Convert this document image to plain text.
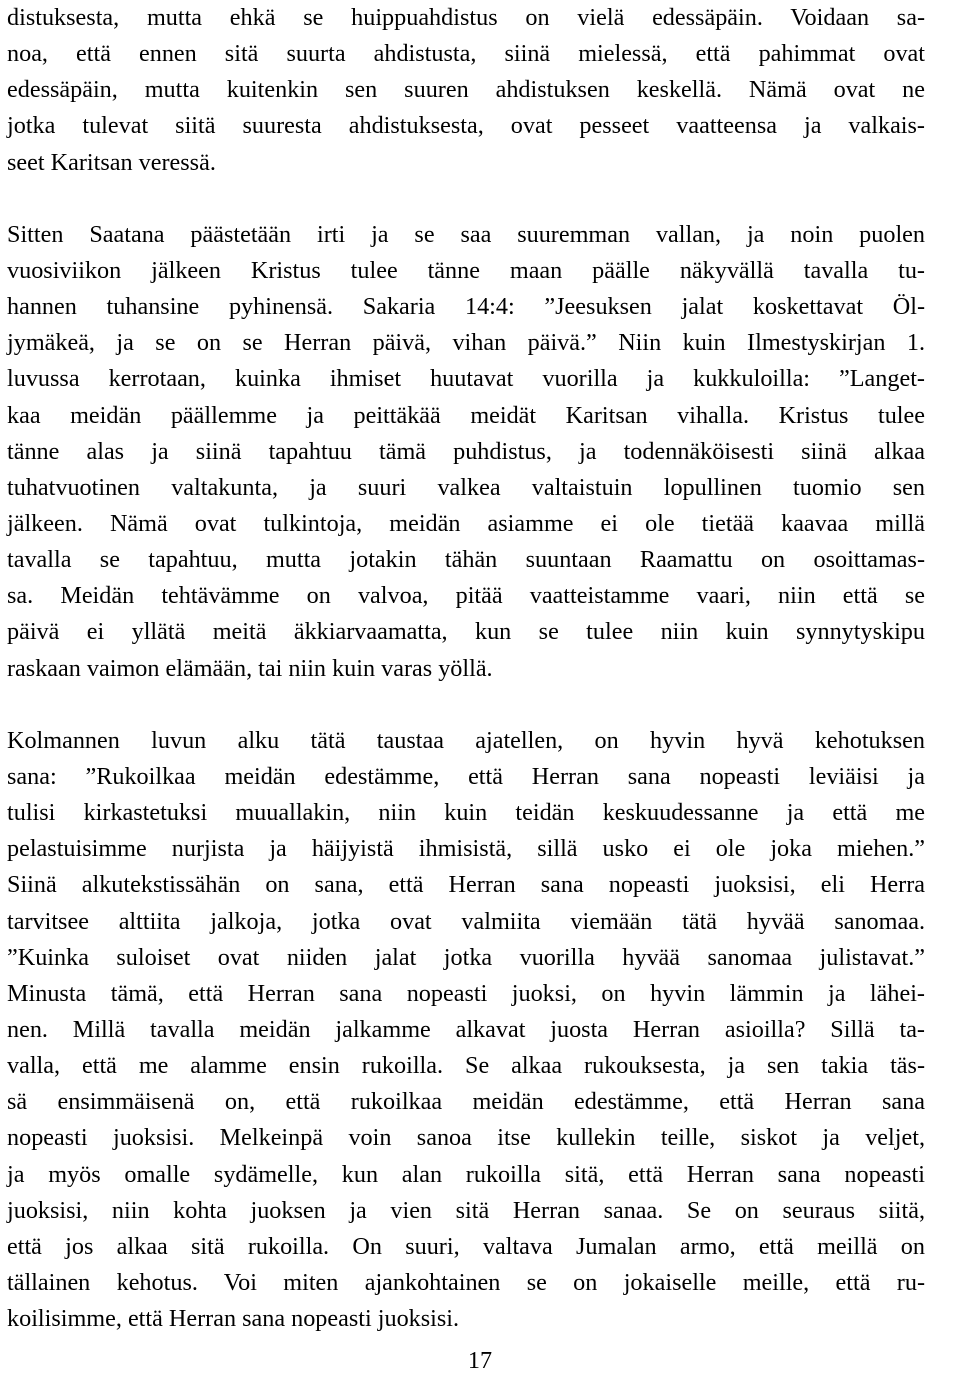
distuksesta, mutta ehkä se huippuahdistus on vielä edessäpäin. Voidaan sa-
noa, että ennen sitä suurta ahdistusta, siinä mielessä, että pahimmat ovat
edessäpäin, mutta kuitenkin sen suuren ahdistuksen keskellä. Nämä ovat ne
jotka tulevat siitä suuresta ahdistuksesta, ovat pesseet vaatteensa ja valkais-
seet Karitsan veressä.
Sitten Saatana päästetään irti ja se saa suuremman vallan, ja noin puolen
vuosiviikon jälkeen Kristus tulee tänne maan päälle näkyvällä tavalla tu-
hannen tuhansine pyhinensä. Sakaria 14:4: ”Jeesuksen jalat koskettavat Öl-
jymäkeä, ja se on se Herran päivä, vihan päivä.” Niin kuin Ilmestyskirjan 1.
luvussa kerrotaan, kuinka ihmiset huutavat vuorilla ja kukkuloilla: ”Langet-
kaa meidän päällemme ja peittäkää meidät Karitsan vihalla. Kristus tulee
tänne alas ja siinä tapahtuu tämä puhdistus, ja todennäköisesti siinä alkaa
tuhatvuotinen valtakunta, ja suuri valkea valtaistuin lopullinen tuomio sen
jälkeen. Nämä ovat tulkintoja, meidän asiamme ei ole tietää kaavaa millä
tavalla se tapahtuu, mutta jotakin tähän suuntaan Raamattu on osoittamas-
sa. Meidän tehtävämme on valvoa, pitää vaatteistamme vaari, niin että se
päivä ei yllätä meitä äkkiarvaamatta, kun se tulee niin kuin synnytyskipu
raskaan vaimon elämään, tai niin kuin varas yöllä.
Kolmannen luvun alku tätä taustaa ajatellen, on hyvin hyvä kehotuksen
sana: ”Rukoilkaa meidän edestämme, että Herran sana nopeasti leviäisi ja
tulisi kirkastetuksi muuallakin, niin kuin teidän keskuudessanne ja että me
pelastuisimme nurjista ja häijyistä ihmisistä, sillä usko ei ole joka miehen.”
Siinä alkutekstissähän on sana, että Herran sana nopeasti juoksisi, eli Herra
tarvitsee alttiita jalkoja, jotka ovat valmiita viemään tätä hyvää sanomaa.
”Kuinka suloiset ovat niiden jalat jotka vuorilla hyvää sanomaa julistavat.”
Minusta tämä, että Herran sana nopeasti juoksi, on hyvin lämmin ja lähei-
nen. Millä tavalla meidän jalkamme alkavat juosta Herran asioilla? Sillä ta-
valla, että me alamme ensin rukoilla. Se alkaa rukouksesta, ja sen takia täs-
sä ensimmäisenä on, että rukoilkaa meidän edestämme, että Herran sana
nopeasti juoksisi. Melkeinpä voin sanoa itse kullekin teille, siskot ja veljet,
ja myös omalle sydämelle, kun alan rukoilla sitä, että Herran sana nopeasti
juoksisi, niin kohta juoksen ja vien sitä Herran sanaa. Se on seuraus siitä,
että jos alkaa sitä rukoilla. On suuri, valtava Jumalan armo, että meillä on
tällainen kehotus. Voi miten ajankohtainen se on jokaiselle meille, että ru-
koilisimme, että Herran sana nopeasti juoksisi.
17
